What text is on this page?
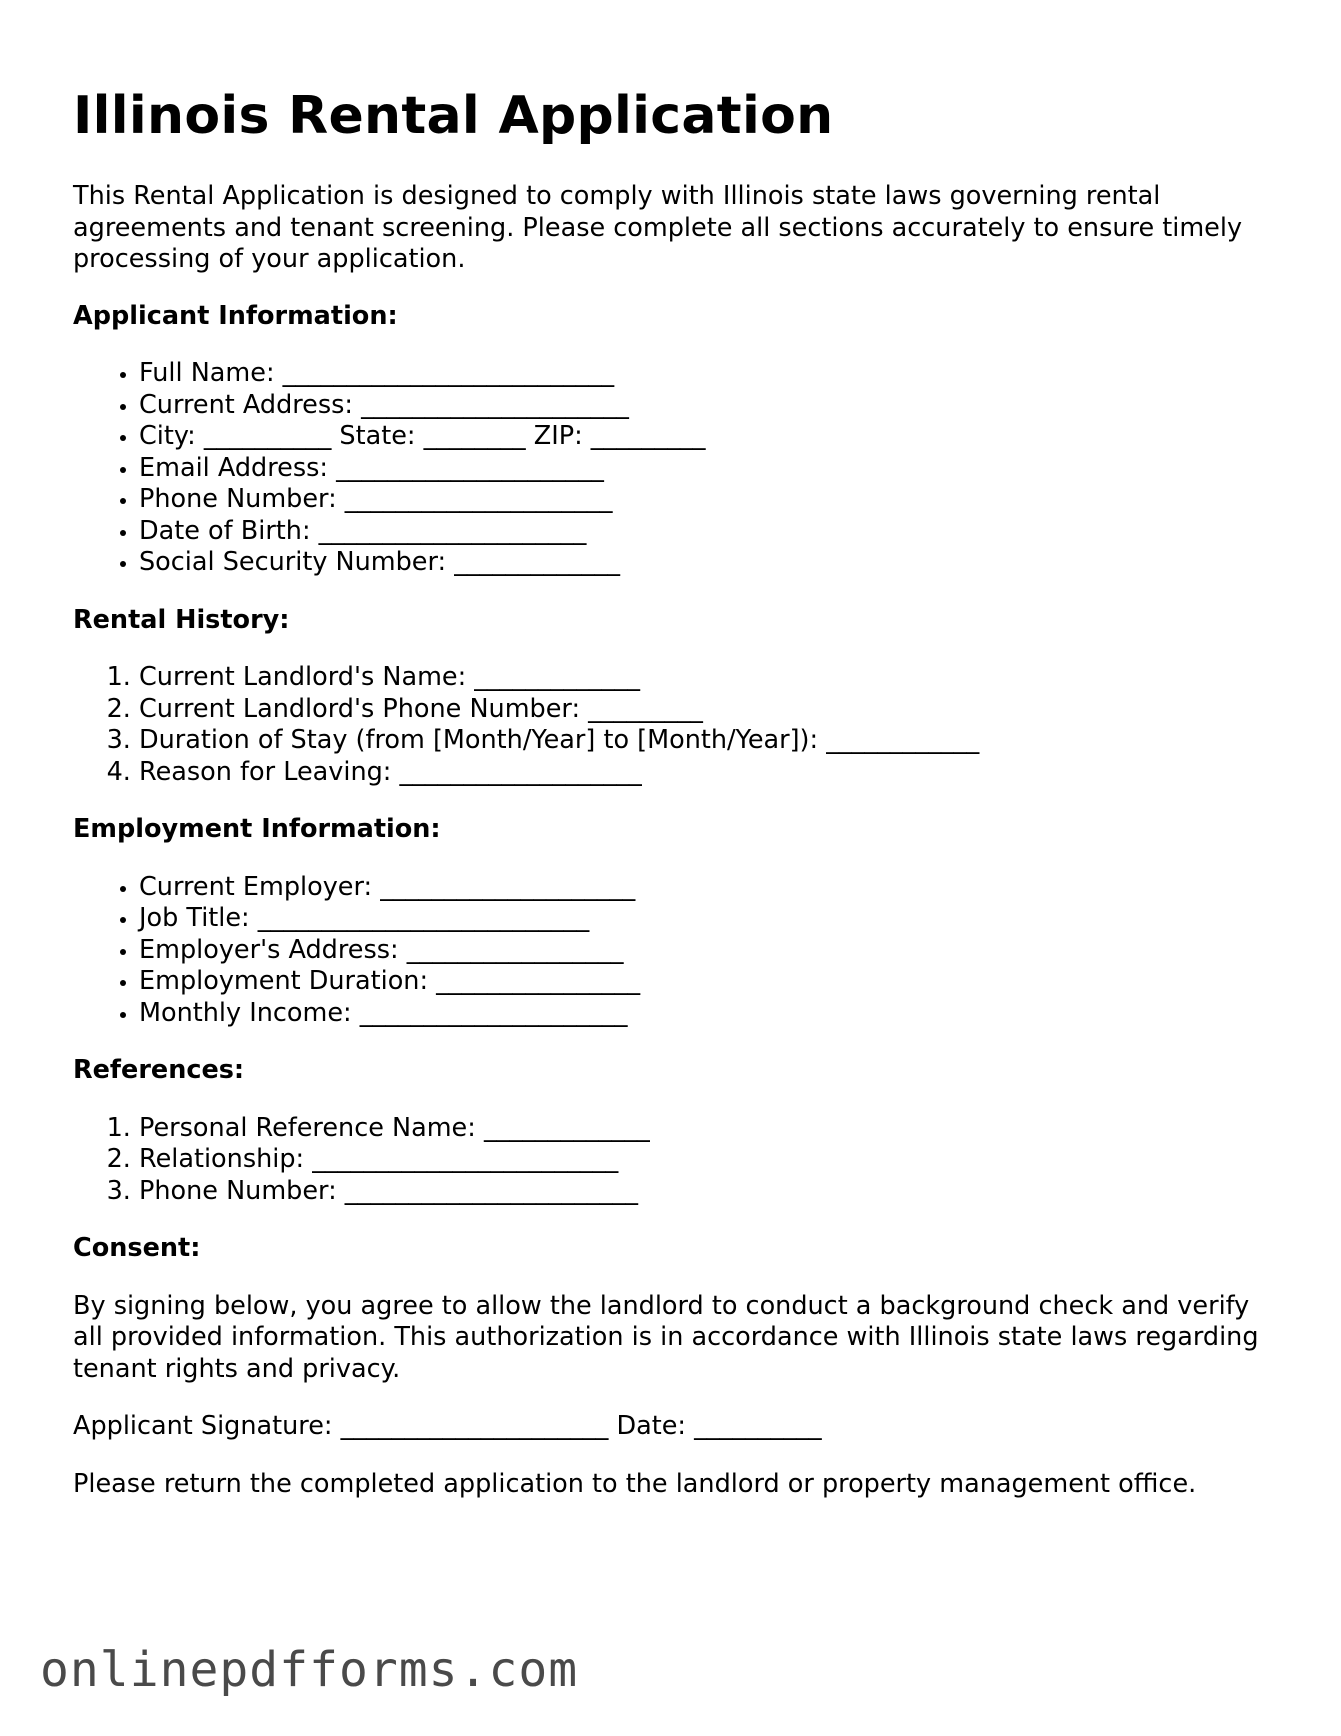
Illinois Rental Application

This Rental Application is designed to comply with Illinois state laws governing rental agreements and tenant screening. Please complete all sections accurately to ensure timely processing of your application.

Applicant Information:
• Full Name: __________________________
• Current Address: _____________________
• City: __________ State: ________ ZIP: _________
• Email Address: _____________________
• Phone Number: _____________________
• Date of Birth: _____________________
• Social Security Number: _____________
Rental History:
1. Current Landlord's Name: _____________
2. Current Landlord's Phone Number: _________
3. Duration of Stay (from [Month/Year] to [Month/Year]): ____________
4. Reason for Leaving: ___________________
Employment Information:
• Current Employer: ____________________
• Job Title: __________________________
• Employer's Address: _________________
• Employment Duration: ________________
• Monthly Income: _____________________
References:
1. Personal Reference Name: _____________
2. Relationship: ________________________
3. Phone Number: _______________________
Consent:

By signing below, you agree to allow the landlord to conduct a background check and verify all provided information. This authorization is in accordance with Illinois state laws regarding tenant rights and privacy.

Applicant Signature: _____________________ Date: __________

Please return the completed application to the landlord or property management office.

onlinepdfforms.com
